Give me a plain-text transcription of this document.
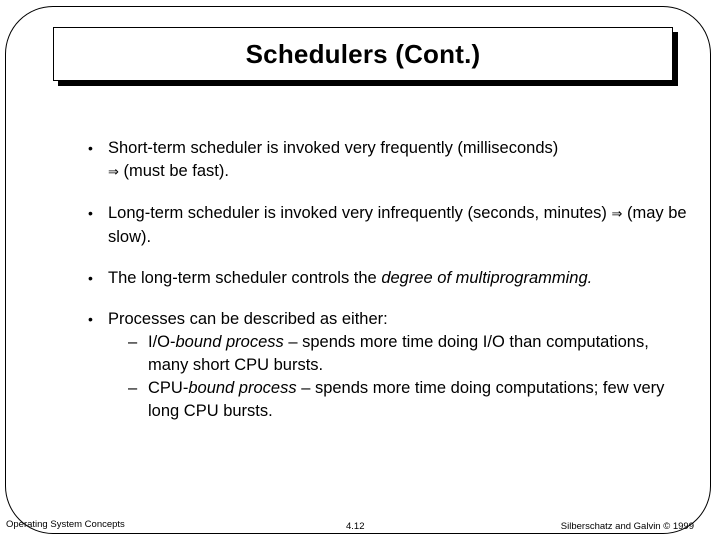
Schedulers (Cont.)
• Short-term scheduler is invoked very frequently (milliseconds)
⇒ (must be fast).
• Long-term scheduler is invoked very infrequently (seconds, minutes) ⇒ (may be slow).
• The long-term scheduler controls the degree of multiprogramming.
• Processes can be described as either:
– I/O-bound process – spends more time doing I/O than computations, many short CPU bursts.
– CPU-bound process – spends more time doing computations; few very long CPU bursts.
Operating System Concepts	4.12	Silberschatz and Galvin © 1999
